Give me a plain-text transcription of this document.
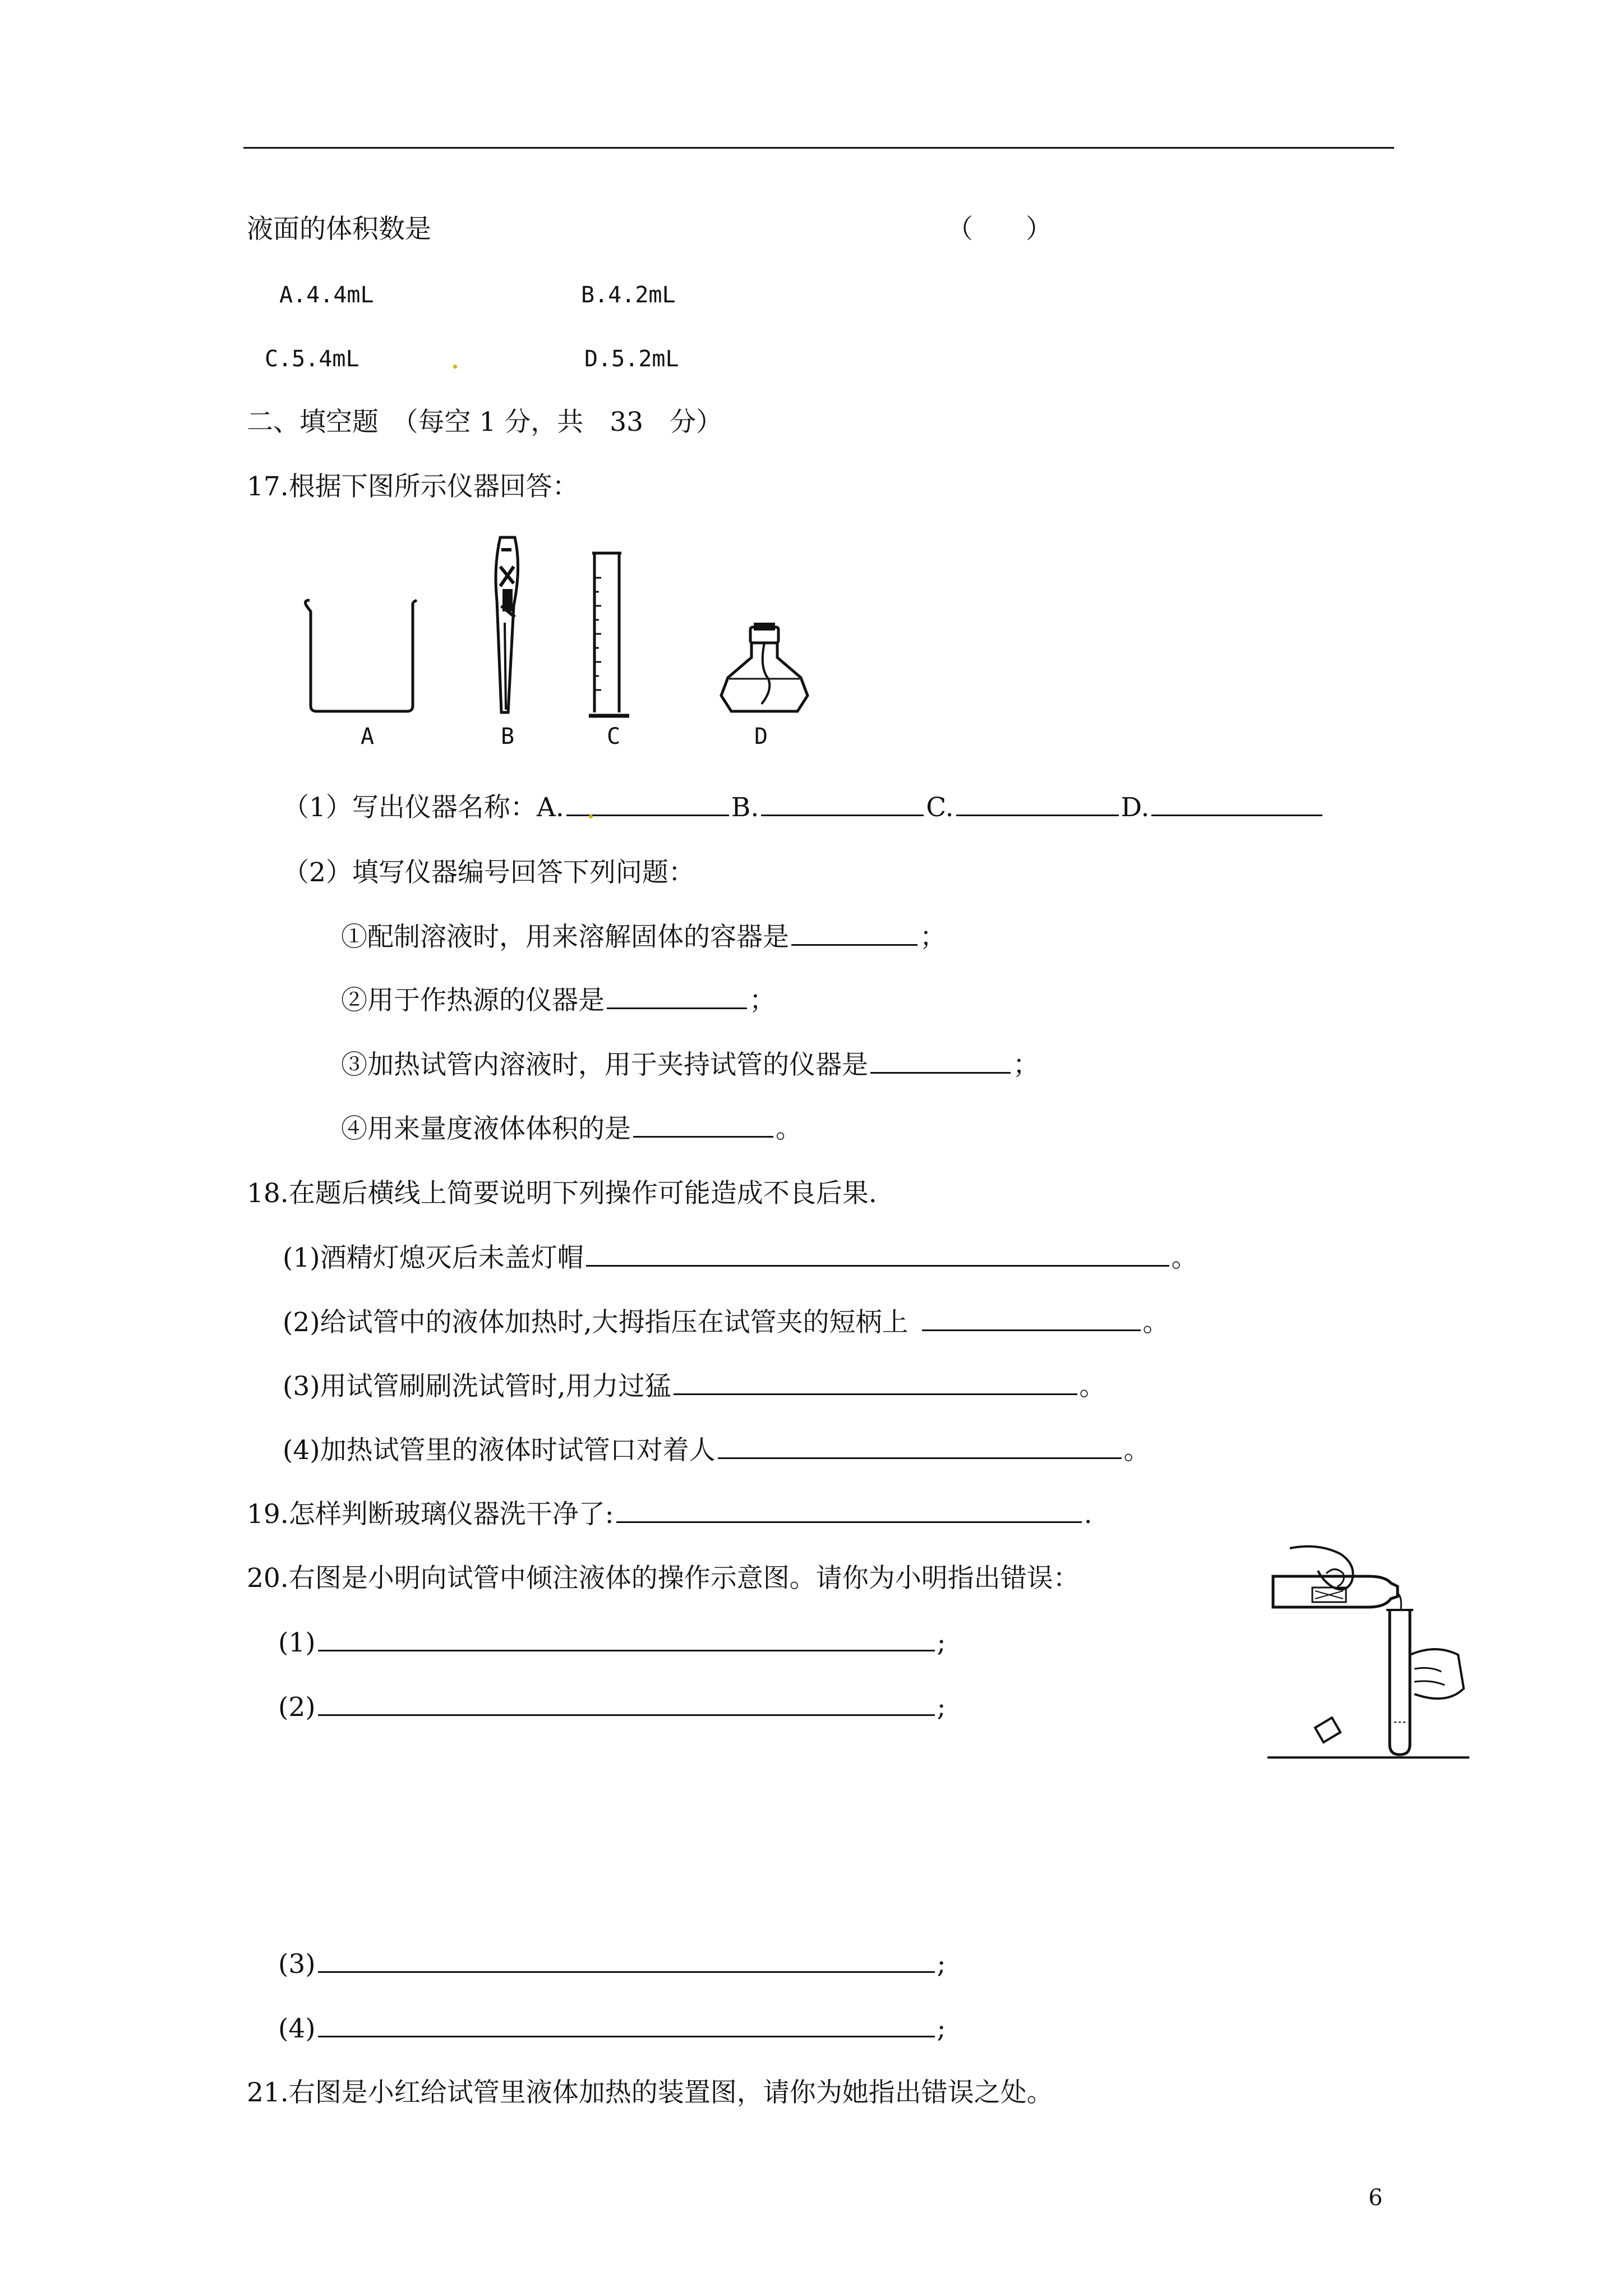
液面的体积数是	（　　）
A.4.4mL	B.4.2mL
C.5.4mL	D.5.2mL
二、填空题　（每空 1 分，共　33　分）
17.根据下图所示仪器回答：
A	B	C	D
（1）写出仪器名称：A.	B.	C.	D.
（2）填写仪器编号回答下列问题：
①配制溶液时，用来溶解固体的容器是	；
②用于作热源的仪器是	；
③加热试管内溶液时，用于夹持试管的仪器是	；
④用来量度液体体积的是	。
18.在题后横线上简要说明下列操作可能造成不良后果.
(1)酒精灯熄灭后未盖灯帽	。
(2)给试管中的液体加热时,大拇指压在试管夹的短柄上	。
(3)用试管刷刷洗试管时,用力过猛	。
(4)加热试管里的液体时试管口对着人	。
19.怎样判断玻璃仪器洗干净了:	.
20.右图是小明向试管中倾注液体的操作示意图。请你为小明指出错误：
(1)	;
(2)	;
(3)	;
(4)	;
21.右图是小红给试管里液体加热的装置图，请你为她指出错误之处。
6
